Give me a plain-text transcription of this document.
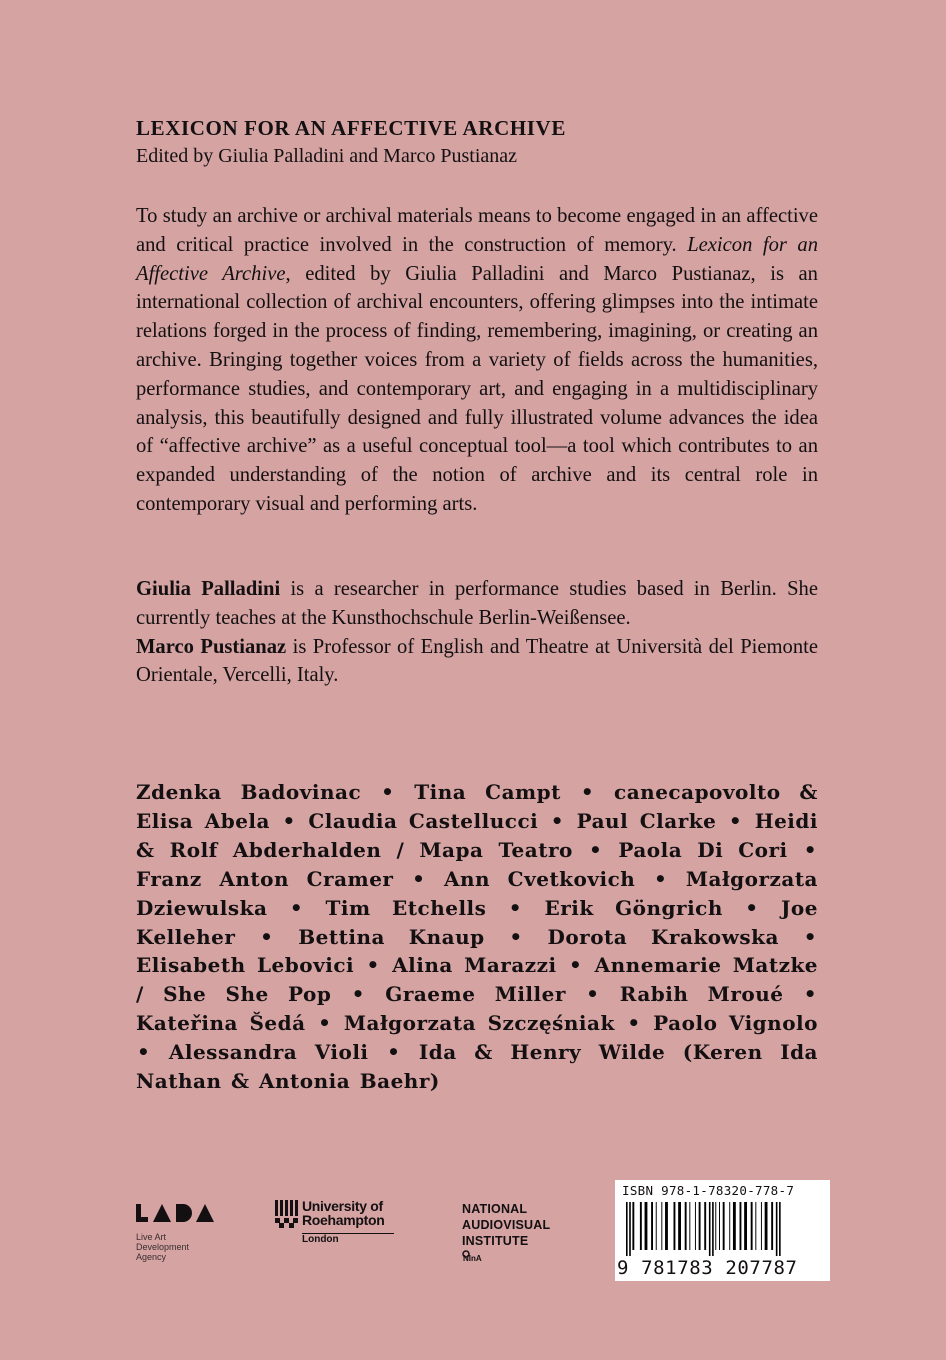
LEXICON FOR AN AFFECTIVE ARCHIVE
Edited by Giulia Palladini and Marco Pustianaz
To study an archive or archival materials means to become engaged in an affective and critical practice involved in the construction of memory. Lexicon for an Affective Archive, edited by Giulia Palladini and Marco Pustianaz, is an international collection of archival encounters, offering glimpses into the intimate relations forged in the process of finding, remembering, imagining, or creating an archive. Bringing together voices from a variety of fields across the humanities, performance studies, and contemporary art, and engaging in a multidisciplinary analysis, this beautifully designed and fully illustrated volume advances the idea of “affective archive” as a useful conceptual tool—a tool which contributes to an expanded understanding of the notion of archive and its central role in contemporary visual and performing arts.

Giulia Palladini is a researcher in performance studies based in Berlin. She currently teaches at the Kunsthochschule Berlin-Weißensee.

Marco Pustianaz is Professor of English and Theatre at Università del Piemonte Orientale, Vercelli, Italy.

Zdenka Badovinac • Tina Campt • canecapovolto & Elisa Abela • Claudia Castellucci • Paul Clarke • Heidi & Rolf Abderhalden / Mapa Teatro • Paola Di Cori • Franz Anton Cramer • Ann Cvetkovich • Małgorzata Dziewulska • Tim Etchells • Erik Göngrich • Joe Kelleher • Bettina Knaup • Dorota Krakowska • Elisabeth Lebovici • Alina Marazzi • Annemarie Matzke / She She Pop • Graeme Miller • Rabih Mroué • Kateřina Šedá • Małgorzata Szczęśniak • Paolo Vignolo • Alessandra Violi • Ida & Henry Wilde (Keren Ida Nathan & Antonia Baehr)
Live Art
Development
Agency
University of
Roehampton
London
NATIONAL
AUDIOVISUAL
INSTITUTE
NInA
ISBN 978-1-78320-778-7
9 781783 207787
